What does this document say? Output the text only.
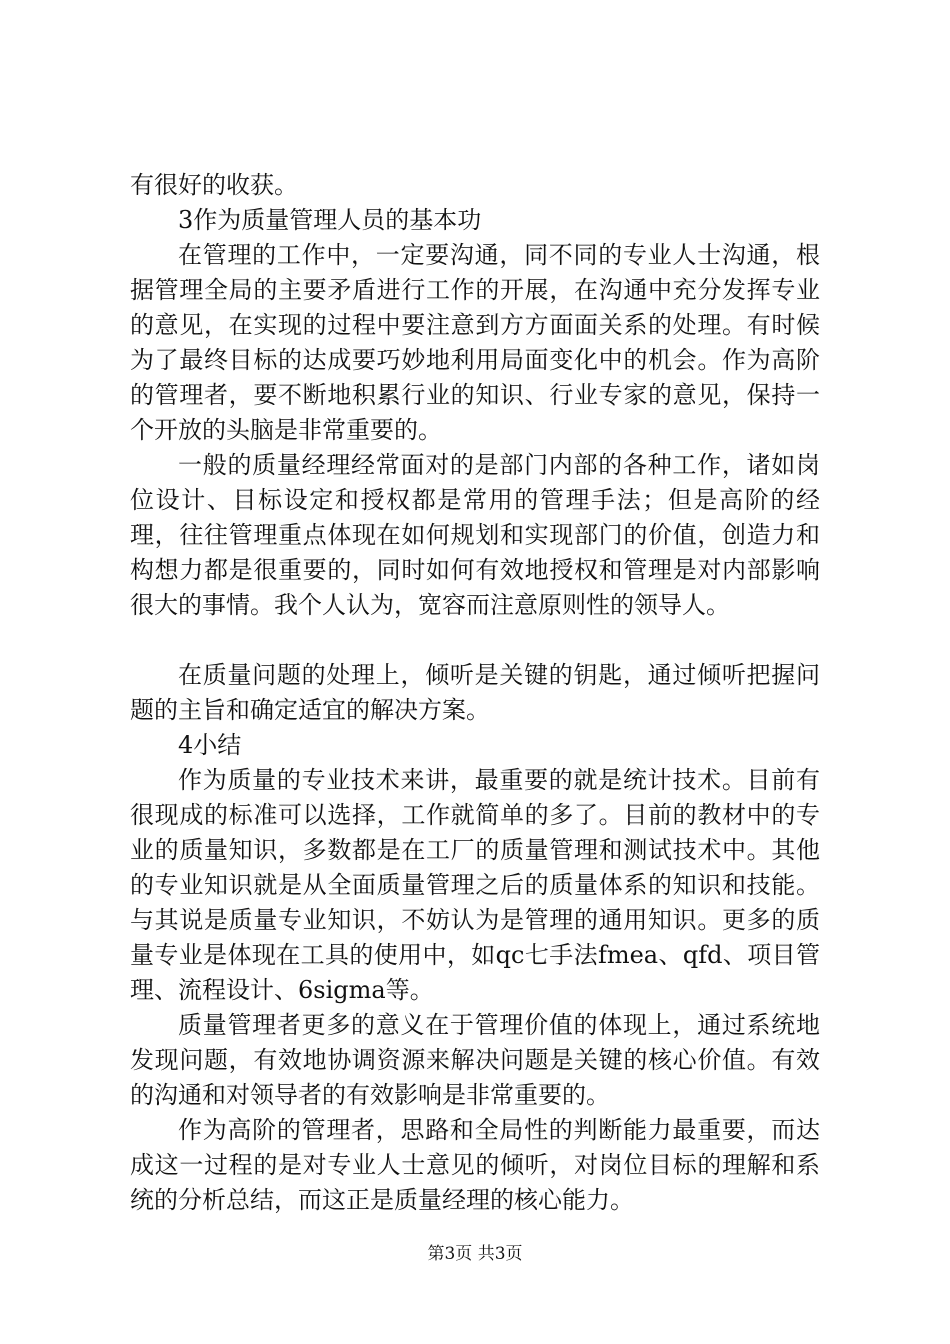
有很好的收获。

3作为质量管理人员的基本功

在管理的工作中，一定要沟通，同不同的专业人士沟通，根据管理全局的主要矛盾进行工作的开展，在沟通中充分发挥专业的意见，在实现的过程中要注意到方方面面关系的处理。有时候为了最终目标的达成要巧妙地利用局面变化中的机会。作为高阶的管理者，要不断地积累行业的知识、行业专家的意见，保持一个开放的头脑是非常重要的。

一般的质量经理经常面对的是部门内部的各种工作，诸如岗位设计、目标设定和授权都是常用的管理手法；但是高阶的经理，往往管理重点体现在如何规划和实现部门的价值，创造力和构想力都是很重要的，同时如何有效地授权和管理是对内部影响很大的事情。我个人认为，宽容而注意原则性的领导人。

在质量问题的处理上，倾听是关键的钥匙，通过倾听把握问题的主旨和确定适宜的解决方案。

4小结

作为质量的专业技术来讲，最重要的就是统计技术。目前有很现成的标准可以选择，工作就简单的多了。目前的教材中的专业的质量知识，多数都是在工厂的质量管理和测试技术中。其他的专业知识就是从全面质量管理之后的质量体系的知识和技能。与其说是质量专业知识，不妨认为是管理的通用知识。更多的质量专业是体现在工具的使用中，如qc七手法fmea、qfd、项目管理、流程设计、6sigma等。

质量管理者更多的意义在于管理价值的体现上，通过系统地发现问题，有效地协调资源来解决问题是关键的核心价值。有效的沟通和对领导者的有效影响是非常重要的。

作为高阶的管理者，思路和全局性的判断能力最重要，而达成这一过程的是对专业人士意见的倾听，对岗位目标的理解和系统的分析总结，而这正是质量经理的核心能力。

第3页 共3页
